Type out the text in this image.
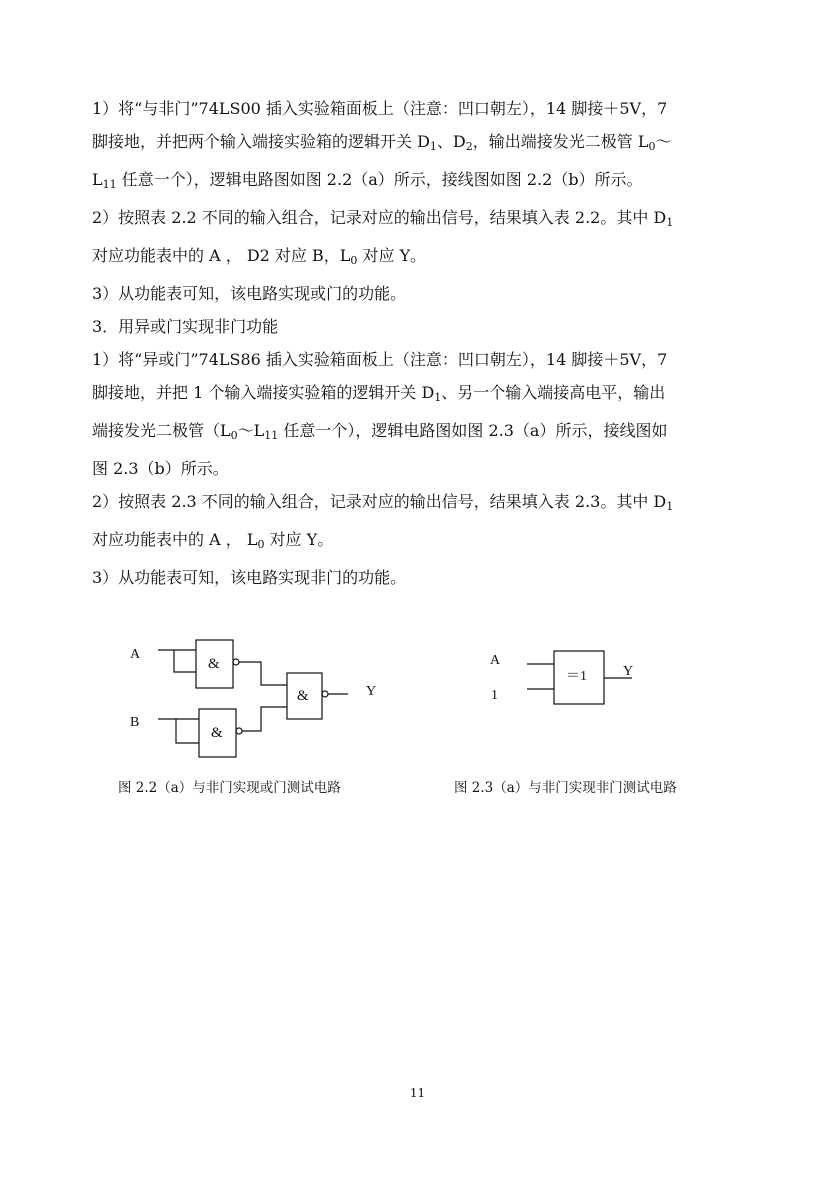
1）将“与非门”74LS00 插入实验箱面板上（注意：凹口朝左），14 脚接＋5V，7
脚接地，并把两个输入端接实验箱的逻辑开关 $D_1$、$D_2$，输出端接发光二极管 $L_0\sim$
$L_{11}$ 任意一个），逻辑电路图如图 2.2（a）所示，接线图如图 2.2（b）所示。
2）按照表 2.2 不同的输入组合，记录对应的输出信号，结果填入表 2.2。其中 $D_1$
对应功能表中的 A ， D2 对应 B，$L_0$ 对应 Y。
3）从功能表可知，该电路实现或门的功能。
3．用异或门实现非门功能
1）将“异或门”74LS86 插入实验箱面板上（注意：凹口朝左），14 脚接＋5V，7
脚接地，并把 1 个输入端接实验箱的逻辑开关 $D_1$、另一个输入端接高电平，输出
端接发光二极管（$L_0\sim L_{11}$ 任意一个），逻辑电路图如图 2.3（a）所示，接线图如
图 2.3（b）所示。
2）按照表 2.3 不同的输入组合，记录对应的输出信号，结果填入表 2.3。其中 $D_1$
对应功能表中的 A ， $L_0$ 对应 Y。
3）从功能表可知，该电路实现非门的功能。
A
B
Y
&
&
&
A
1
Y
＝1
图 2.2（a）与非门实现或门测试电路	图 2.3（a）与非门实现非门测试电路
11
